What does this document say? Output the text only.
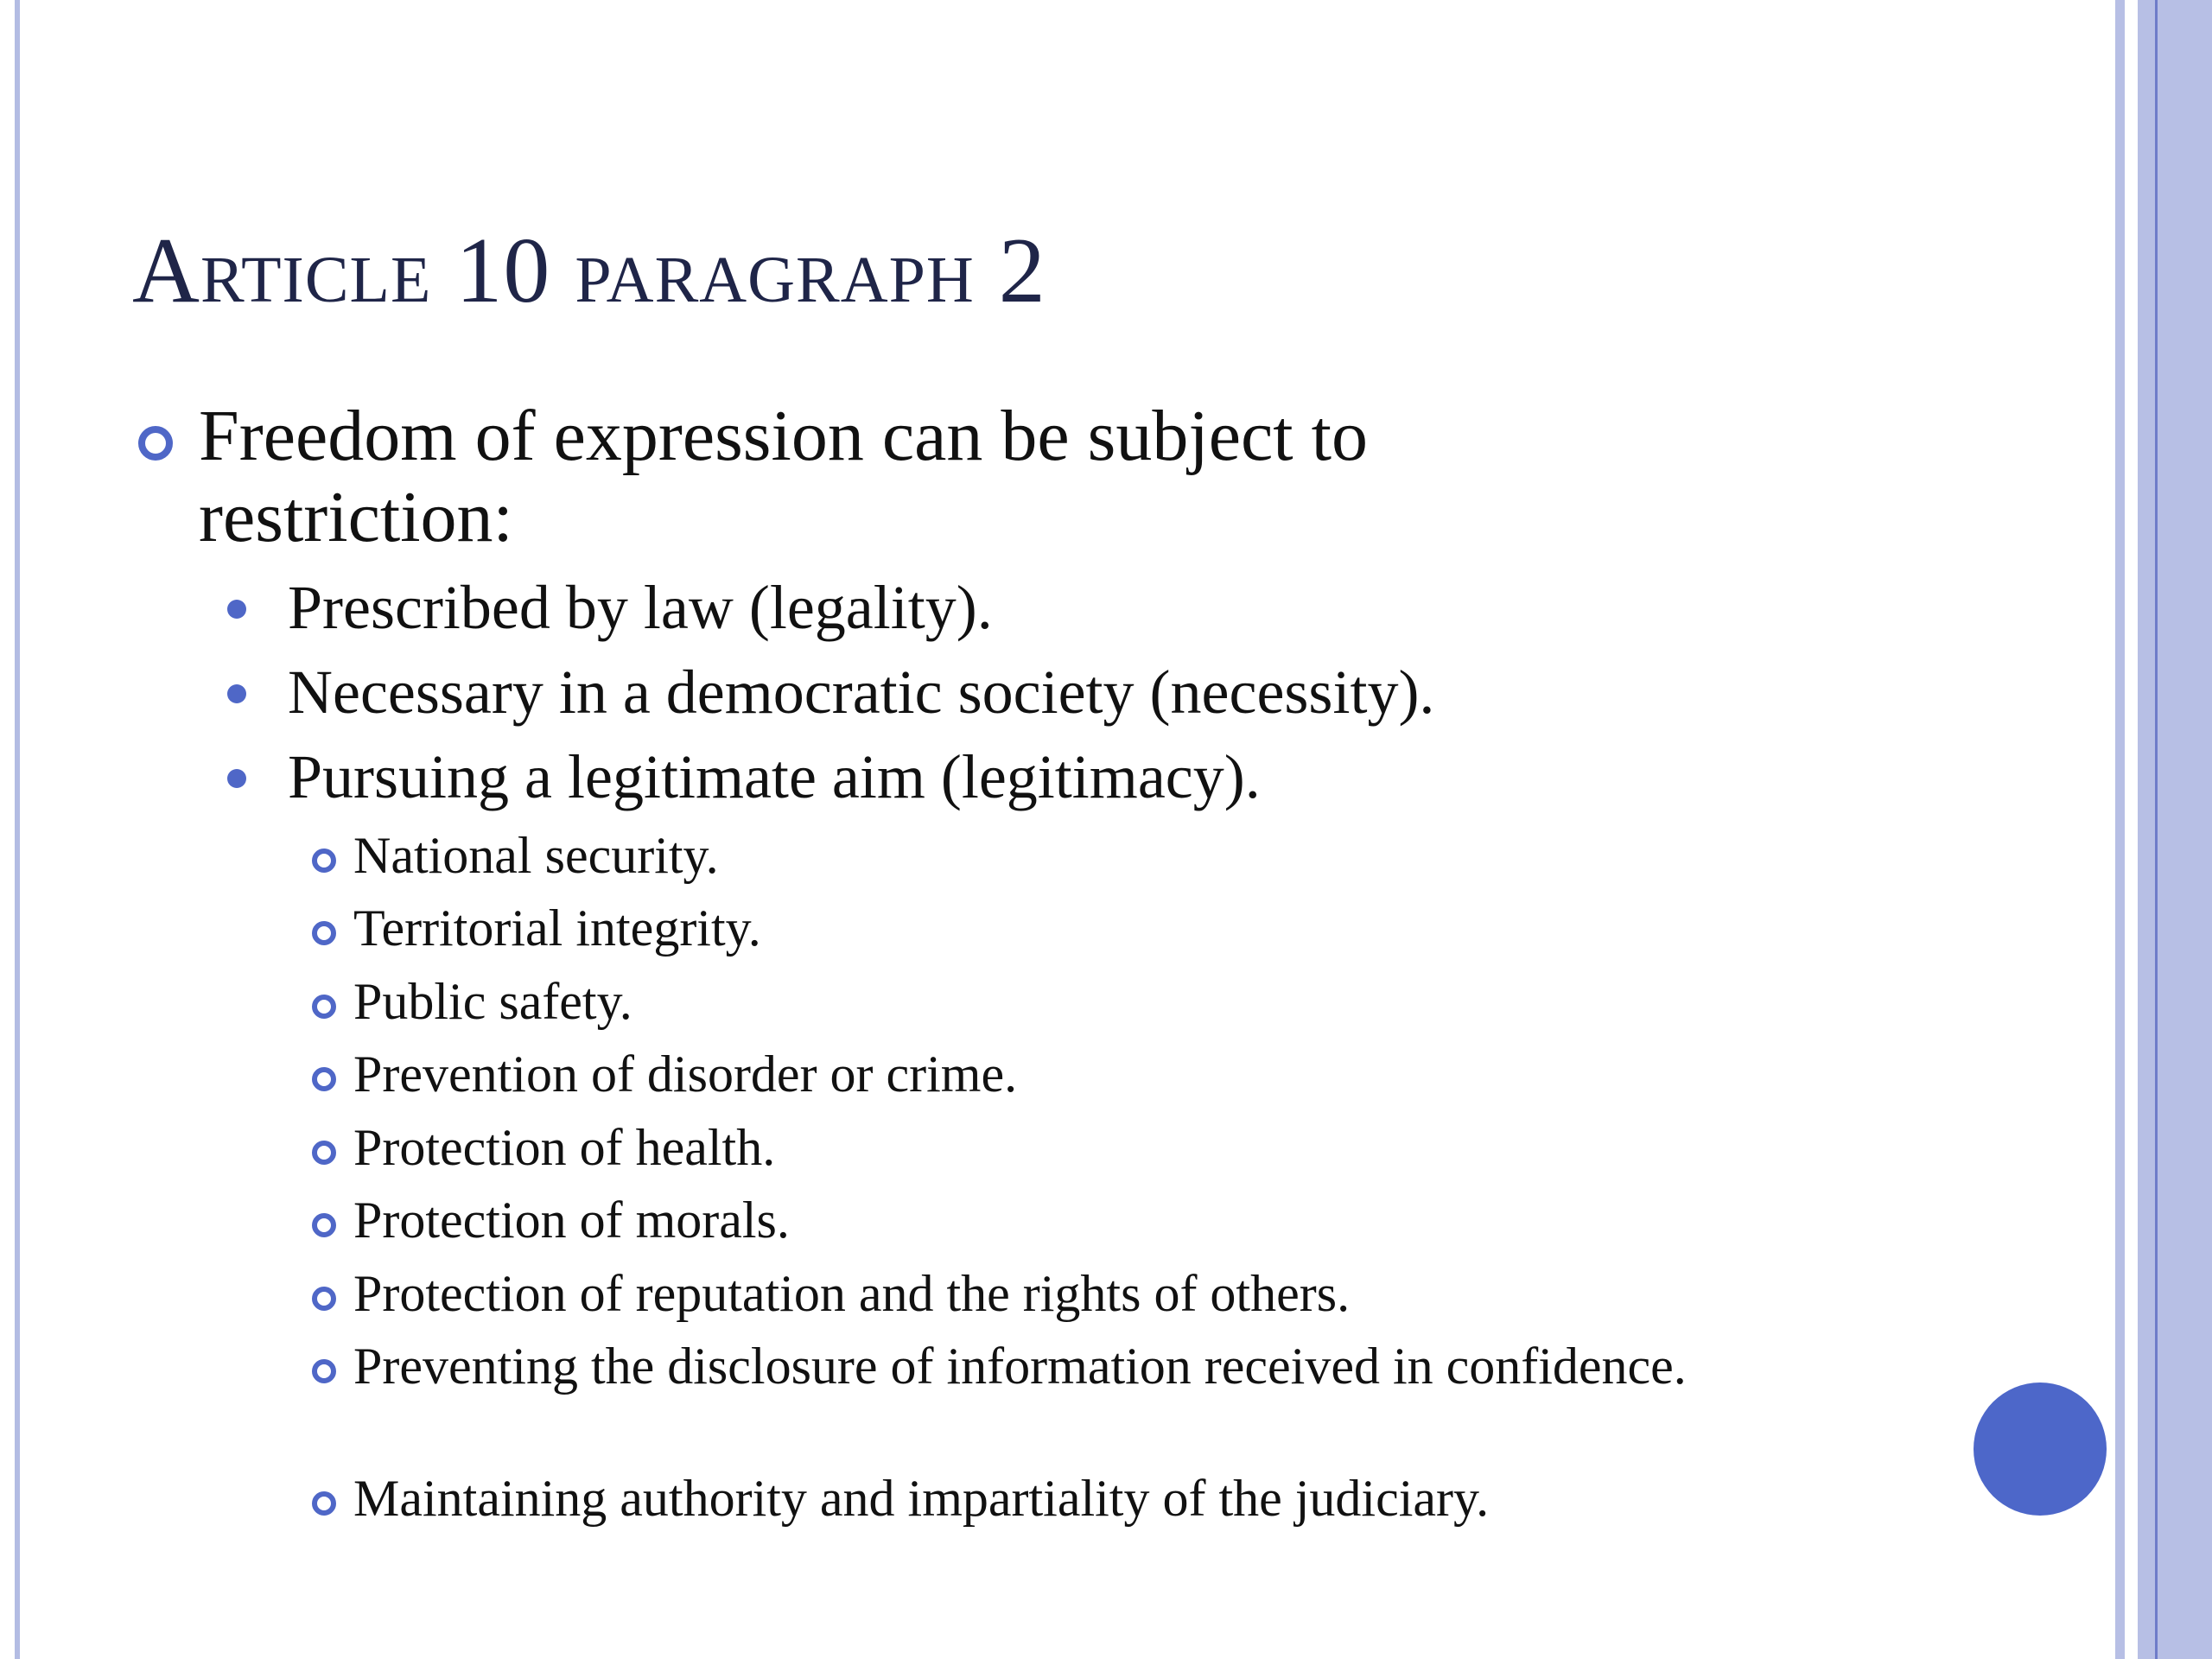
Article 10 paragraph 2
Freedom of expression can be subject to restriction:
Prescribed by law (legality).
Necessary in a democratic society (necessity).
Pursuing a legitimate aim (legitimacy).
National security.
Territorial integrity.
Public safety.
Prevention of disorder or crime.
Protection of health.
Protection of morals.
Protection of reputation and the rights of others.
Preventing the disclosure of information received in confidence.
Maintaining authority and impartiality of the judiciary.
